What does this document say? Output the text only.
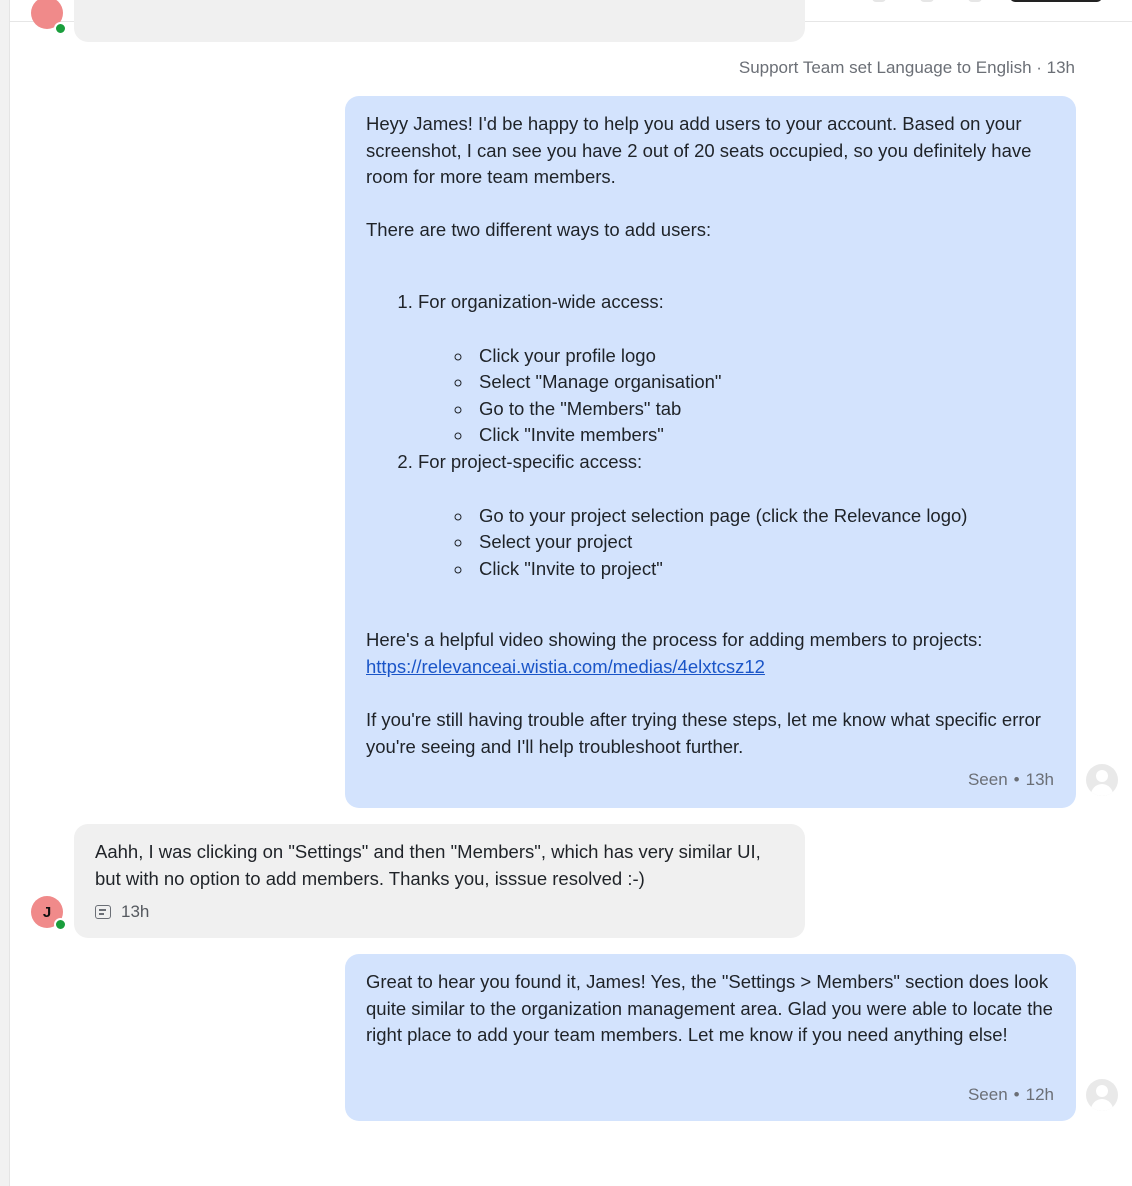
Support Team set Language to English · 13h

Heyy James! I'd be happy to help you add users to your account. Based on your screenshot, I can see you have 2 out of 20 seats occupied, so you definitely have room for more team members.

There are two different ways to add users:

1. For organization-wide access:
◦ Click your profile logo
◦ Select "Manage organisation"
◦ Go to the "Members" tab
◦ Click "Invite members"
2. For project-specific access:
◦ Go to your project selection page (click the Relevance logo)
◦ Select your project
◦ Click "Invite to project"

Here's a helpful video showing the process for adding members to projects:

https://relevanceai.wistia.com/medias/4elxtcsz12

If you're still having trouble after trying these steps, let me know what specific error you're seeing and I'll help troubleshoot further.

Seen • 13h
Aahh, I was clicking on "Settings" and then "Members", which has very similar UI, but with no option to add members. Thanks you, isssue resolved :-)
13h
J
Great to hear you found it, James! Yes, the "Settings > Members" section does look quite similar to the organization management area. Glad you were able to locate the right place to add your team members. Let me know if you need anything else!
Seen • 12h
